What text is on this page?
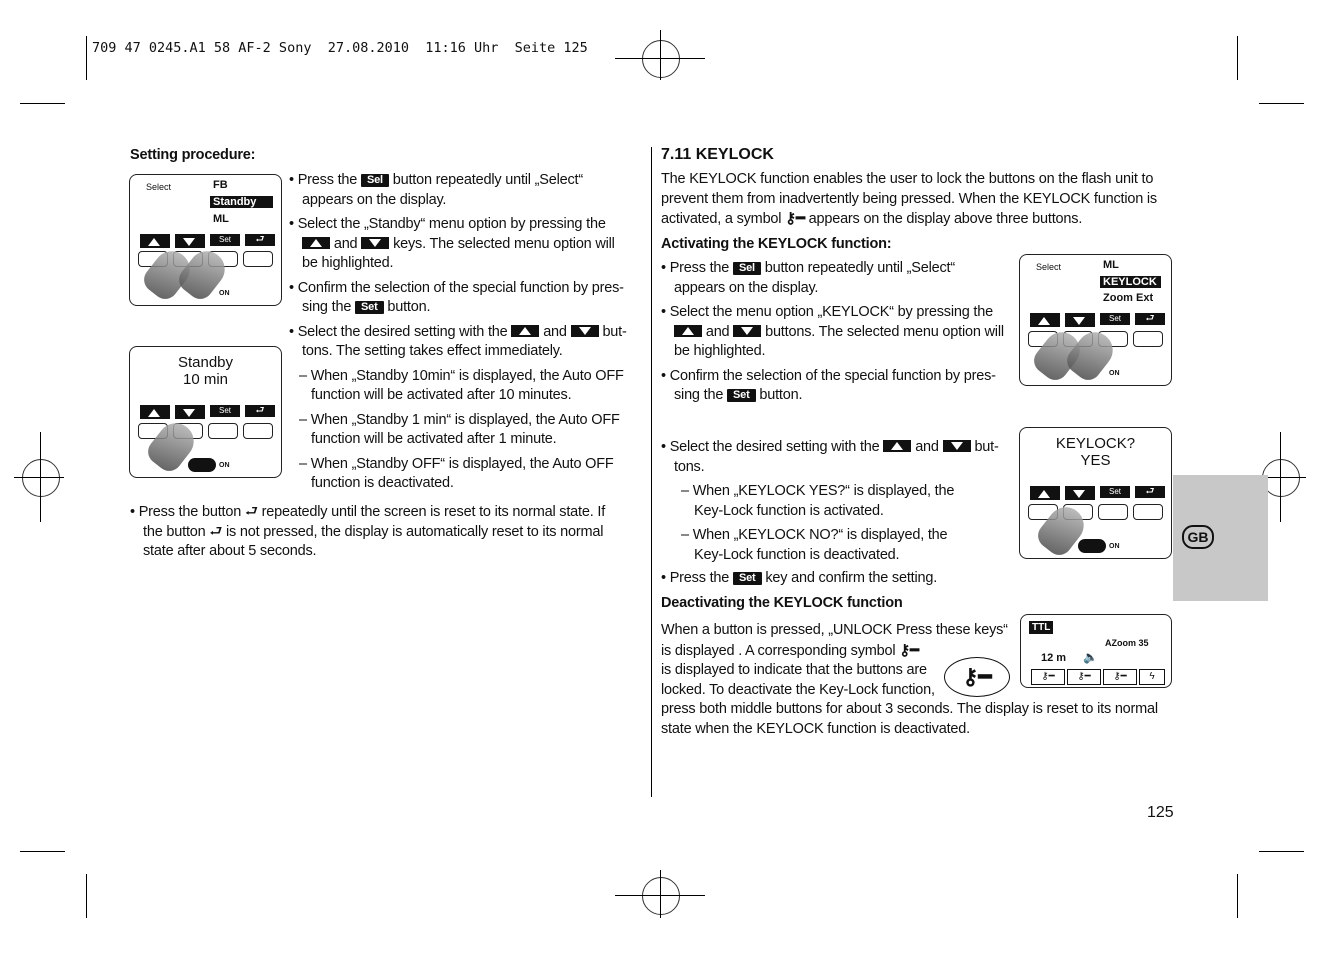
709 47 0245.A1 58 AF-2 Sony  27.08.2010  11:16 Uhr  Seite 125
Setting procedure:
Select	FB
Standby
ML
Set	⮐
ON
Standby
10 min
Set	⮐
ON
• Press the Sel button repeatedly until „Select“
appears on the display.
• Select the „Standby“ menu option by pressing the
and  keys. The selected menu option will
be highlighted.
• Confirm the selection of the special function by pres-
sing the Set button.
• Select the desired setting with the  and  but-
tons. The setting takes effect immediately.
– When „Standby 10min“ is displayed, the Auto OFF
function will be activated after 10 minutes.
– When „Standby 1 min“ is displayed, the Auto OFF
function will be activated after 1 minute.
– When „Standby OFF“ is displayed, the Auto OFF
function is deactivated.
• Press the button ⮐ repeatedly until the screen is reset to its normal state. If
the button ⮐ is not pressed, the display is automatically reset to its normal
state after about 5 seconds.
7.11 KEYLOCK
The KEYLOCK function enables the user to lock the buttons on the flash unit to
prevent them from inadvertently being pressed. When the KEYLOCK function is
activated, a symbol ⚷━ appears on the display above three buttons.
Activating the KEYLOCK function:
• Press the Sel button repeatedly until „Select“
appears on the display.
• Select the menu option „KEYLOCK“ by pressing the
and  buttons. The selected menu option will
be highlighted.
• Confirm the selection of the special function by pres-
sing the Set button.
• Select the desired setting with the  and  but-
tons.
– When „KEYLOCK YES?“ is displayed, the
Key-Lock function is activated.
– When „KEYLOCK NO?“ is displayed, the
Key-Lock function is deactivated.
• Press the Set key and confirm the setting.
Deactivating the KEYLOCK function
When a button is pressed, „UNLOCK Press these keys“
is displayed . A corresponding symbol ⚷━
is displayed to indicate that the buttons are
locked. To deactivate the Key-Lock function,
press both middle buttons for about 3 seconds. The display is reset to its normal
state when the KEYLOCK function is deactivated.
Select	ML
KEYLOCK
Zoom Ext
Set	⮐
ON
KEYLOCK?
YES
Set	⮐
ON
TTL
AZoom 35
12 m 🔈
⚷━	⚷━	⚷━	ϟ
⚷━
GB
125
